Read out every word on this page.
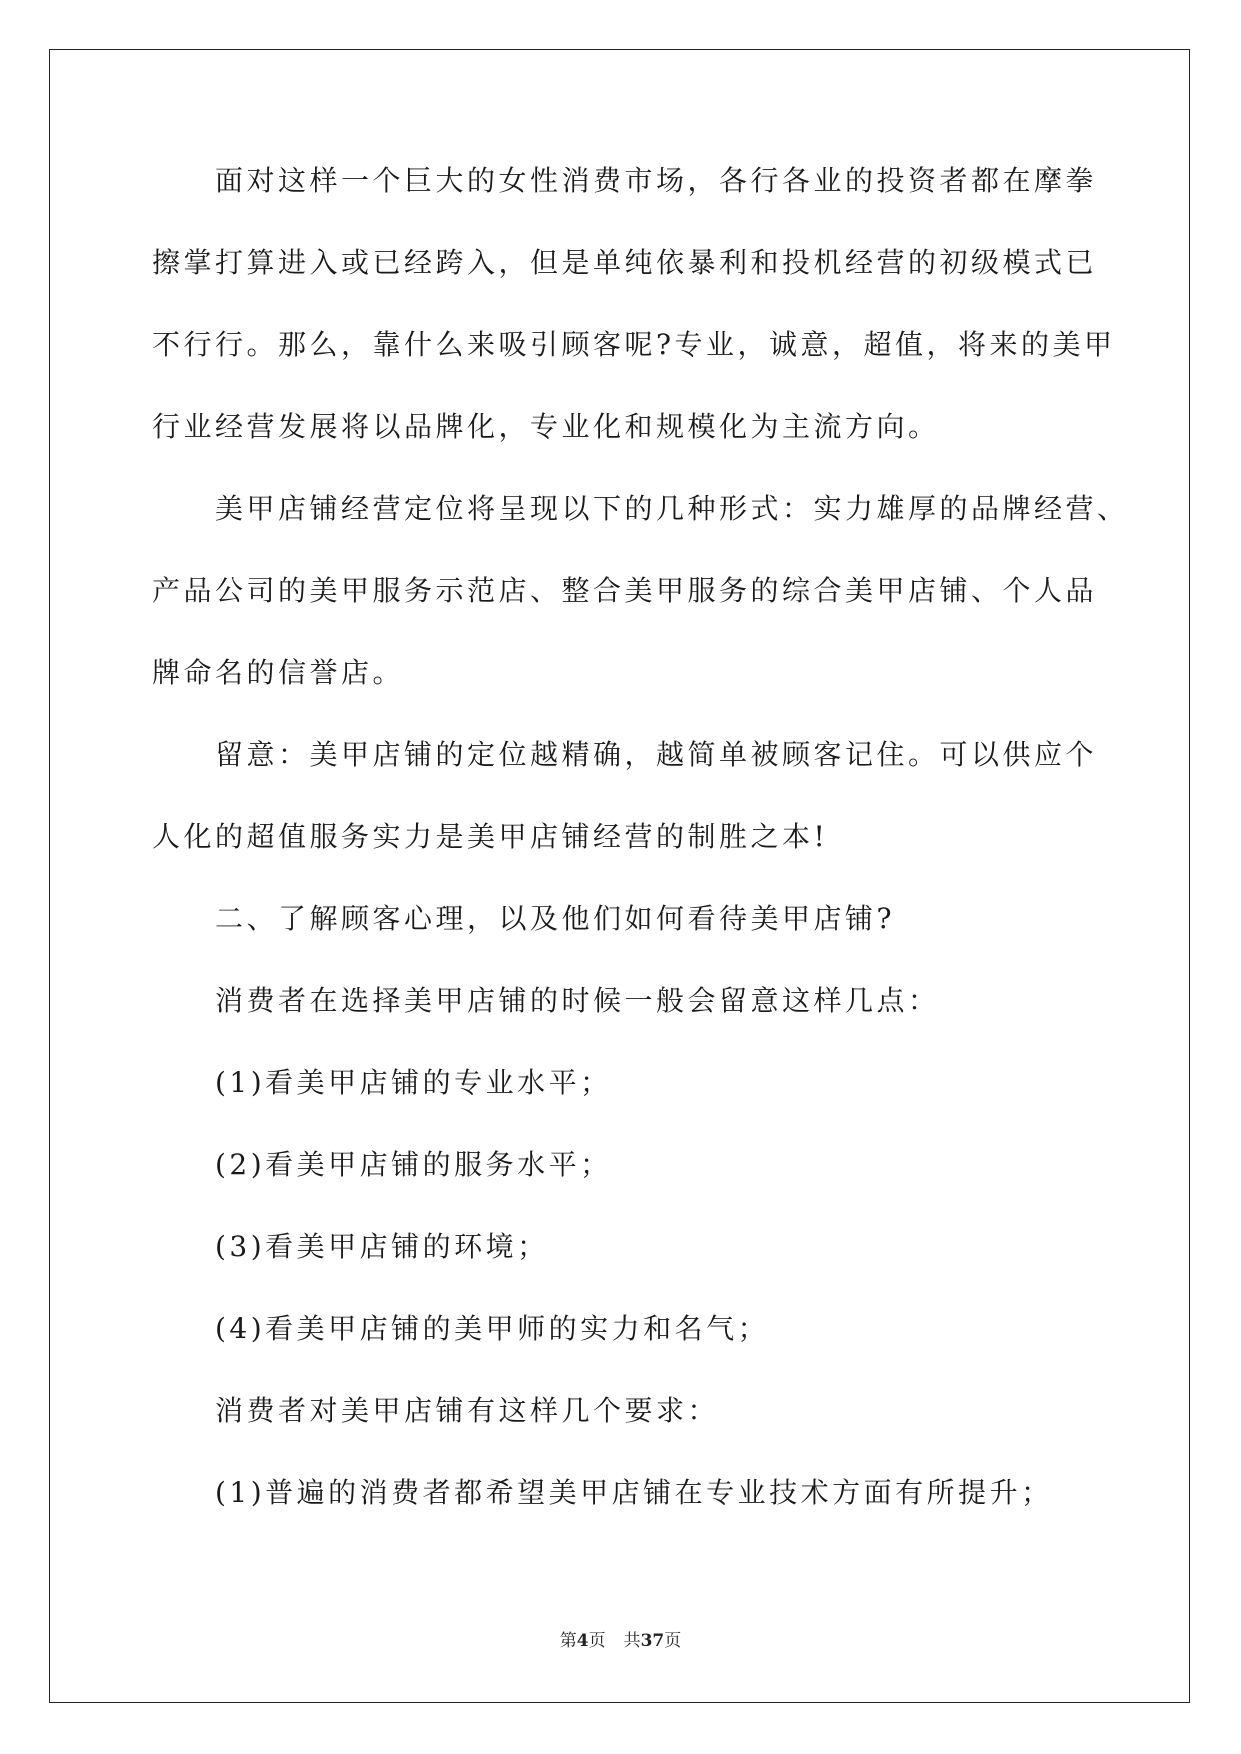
面对这样一个巨大的女性消费市场，各行各业的投资者都在摩拳
擦掌打算进入或已经跨入，但是单纯依暴利和投机经营的初级模式已
不行行。那么，靠什么来吸引顾客呢?专业，诚意，超值，将来的美甲
行业经营发展将以品牌化，专业化和规模化为主流方向。
美甲店铺经营定位将呈现以下的几种形式：实力雄厚的品牌经营、
产品公司的美甲服务示范店、整合美甲服务的综合美甲店铺、个人品
牌命名的信誉店。
留意：美甲店铺的定位越精确，越简单被顾客记住。可以供应个
人化的超值服务实力是美甲店铺经营的制胜之本!
二、了解顾客心理，以及他们如何看待美甲店铺?
消费者在选择美甲店铺的时候一般会留意这样几点：
(1)看美甲店铺的专业水平；
(2)看美甲店铺的服务水平；
(3)看美甲店铺的环境；
(4)看美甲店铺的美甲师的实力和名气；
消费者对美甲店铺有这样几个要求：
(1)普遍的消费者都希望美甲店铺在专业技术方面有所提升；
第4页 共37页
